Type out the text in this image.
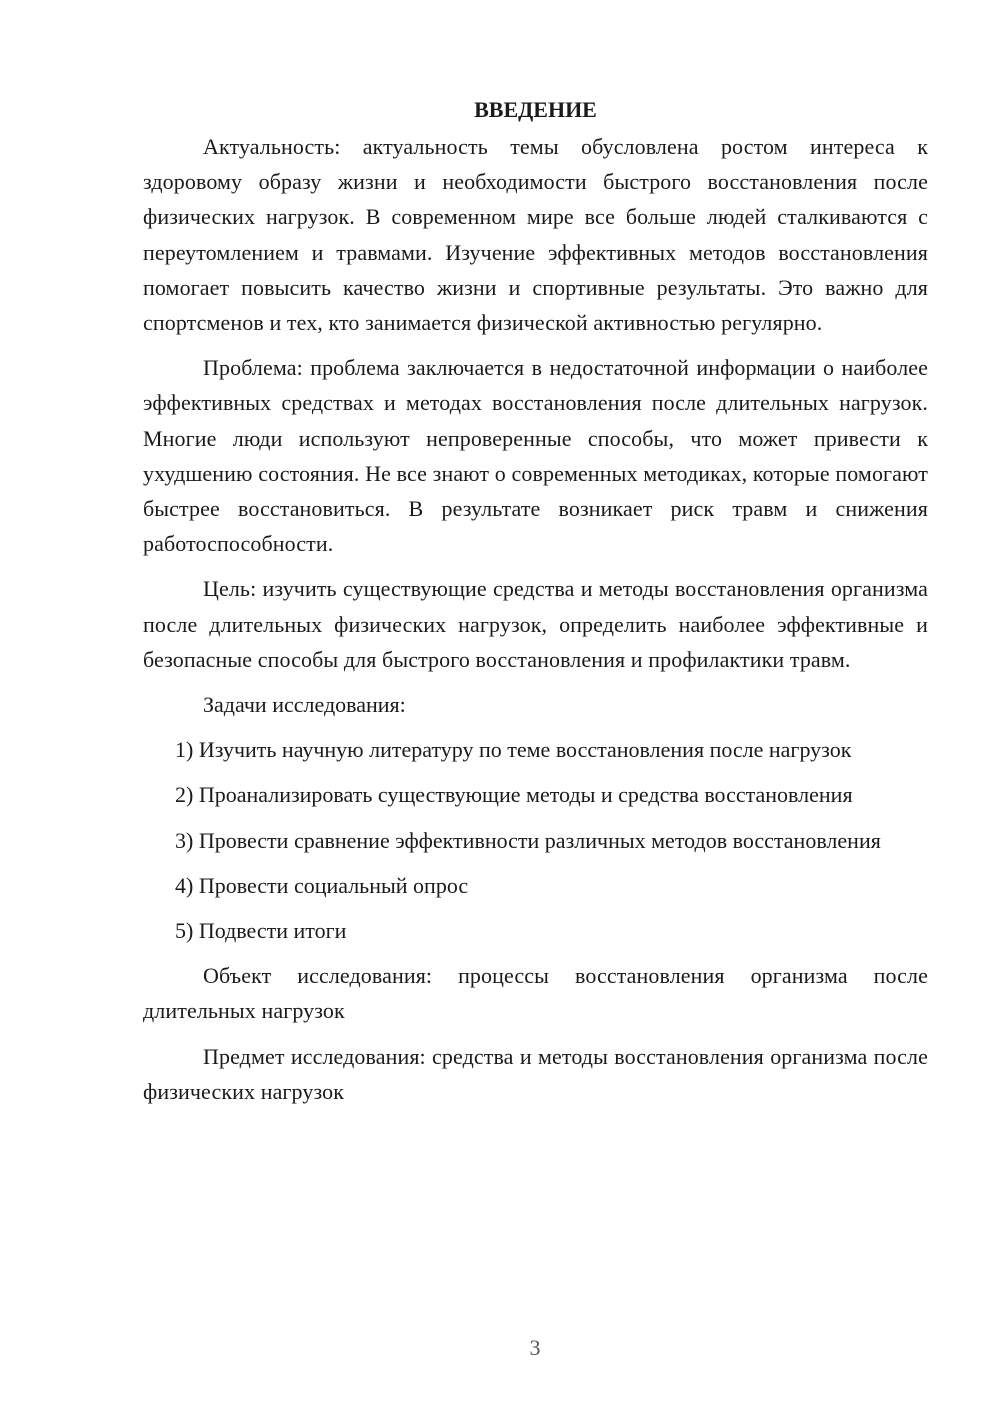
ВВЕДЕНИЕ

Актуальность: актуальность темы обусловлена ростом интереса к здоровому образу жизни и необходимости быстрого восстановления после физических нагрузок. В современном мире все больше людей сталкиваются с переутомлением и травмами. Изучение эффективных методов восстановления помогает повысить качество жизни и спортивные результаты. Это важно для спортсменов и тех, кто занимается физической активностью регулярно.

Проблема: проблема заключается в недостаточной информации о наиболее эффективных средствах и методах восстановления после длительных нагрузок. Многие люди используют непроверенные способы, что может привести к ухудшению состояния. Не все знают о современных методиках, которые помогают быстрее восстановиться. В результате возникает риск травм и снижения работоспособности.

Цель: изучить существующие средства и методы восстановления организма после длительных физических нагрузок, определить наиболее эффективные и безопасные способы для быстрого восстановления и профилактики травм.

Задачи исследования:

1) Изучить научную литературу по теме восстановления после нагрузок

2) Проанализировать существующие методы и средства восстановления

3) Провести сравнение эффективности различных методов восстановления

4) Провести социальный опрос

5) Подвести итоги

Объект исследования: процессы восстановления организма после длительных нагрузок

Предмет исследования: средства и методы восстановления организма после физических нагрузок

3
